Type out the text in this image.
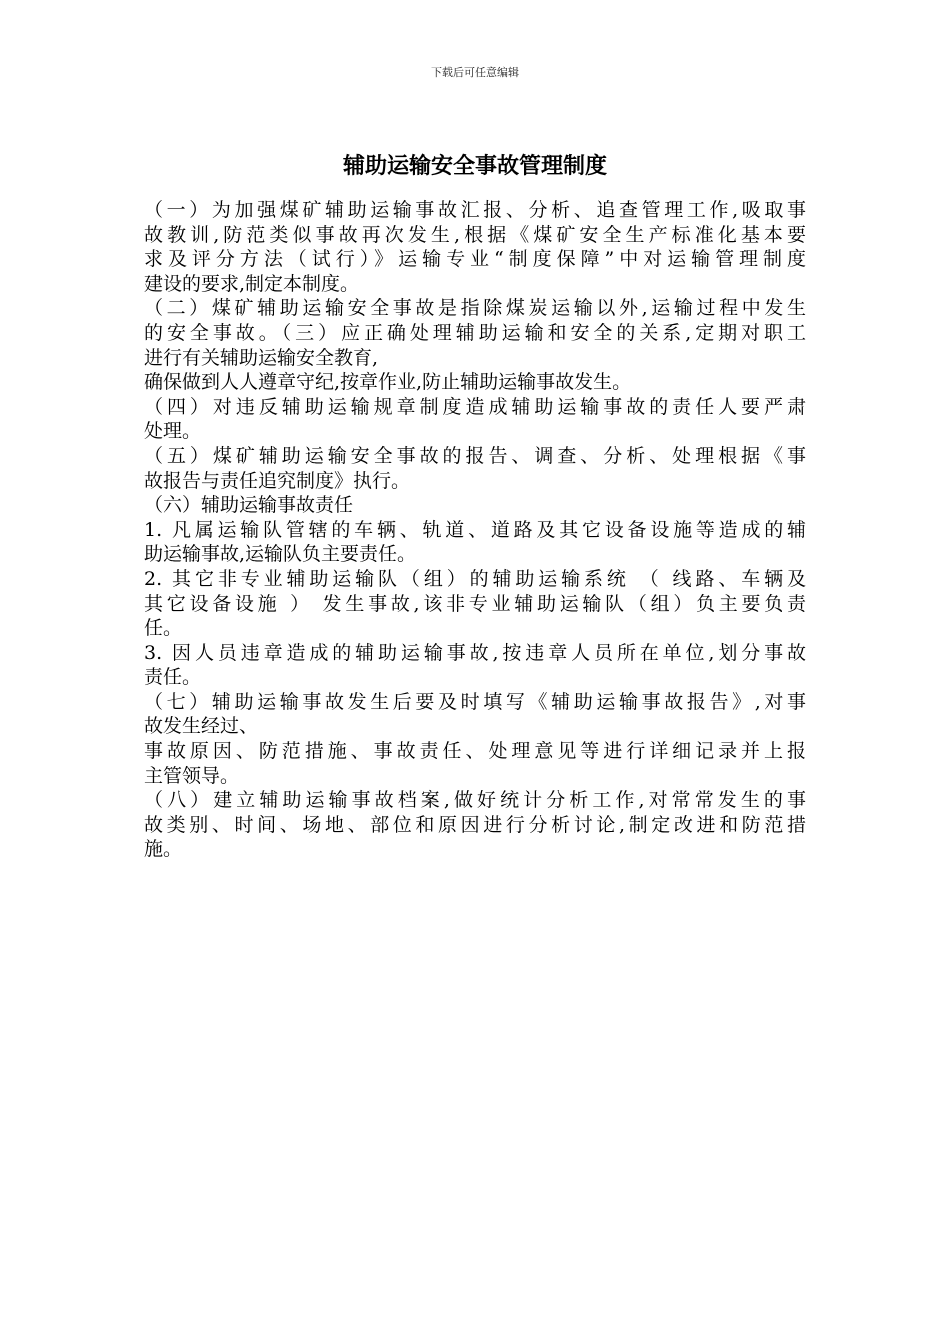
下载后可任意编辑
辅助运输安全事故管理制度
（一）为加强煤矿辅助运输事故汇报、分析、追查管理工作,吸取事
故教训,防范类似事故再次发生,根据《煤矿安全生产标准化基本要
求及评分方法（试行）》运输专业“制度保障”中对运输管理制度
建设的要求,制定本制度。
（二）煤矿辅助运输安全事故是指除煤炭运输以外,运输过程中发生
的安全事故。（三）应正确处理辅助运输和安全的关系,定期对职工
进行有关辅助运输安全教育,
确保做到人人遵章守纪,按章作业,防止辅助运输事故发生。
（四）对违反辅助运输规章制度造成辅助运输事故的责任人要严肃
处理。
（五）煤矿辅助运输安全事故的报告、调查、分析、处理根据《事
故报告与责任追究制度》执行。
（六）辅助运输事故责任
1. 凡属运输队管辖的车辆、轨道、道路及其它设备设施等造成的辅
助运输事故,运输队负主要责任。
2. 其它非专业辅助运输队（组）的辅助运输系统 （ 线路、车辆及
其它设备设施 ） 发生事故,该非专业辅助运输队（组）负主要负责
任。
3. 因人员违章造成的辅助运输事故,按违章人员所在单位,划分事故
责任。
（七）辅助运输事故发生后要及时填写《辅助运输事故报告》,对事
故发生经过、
事故原因、防范措施、事故责任、处理意见等进行详细记录并上报
主管领导。
（八）建立辅助运输事故档案,做好统计分析工作,对常常发生的事
故类别、时间、场地、部位和原因进行分析讨论,制定改进和防范措
施。
